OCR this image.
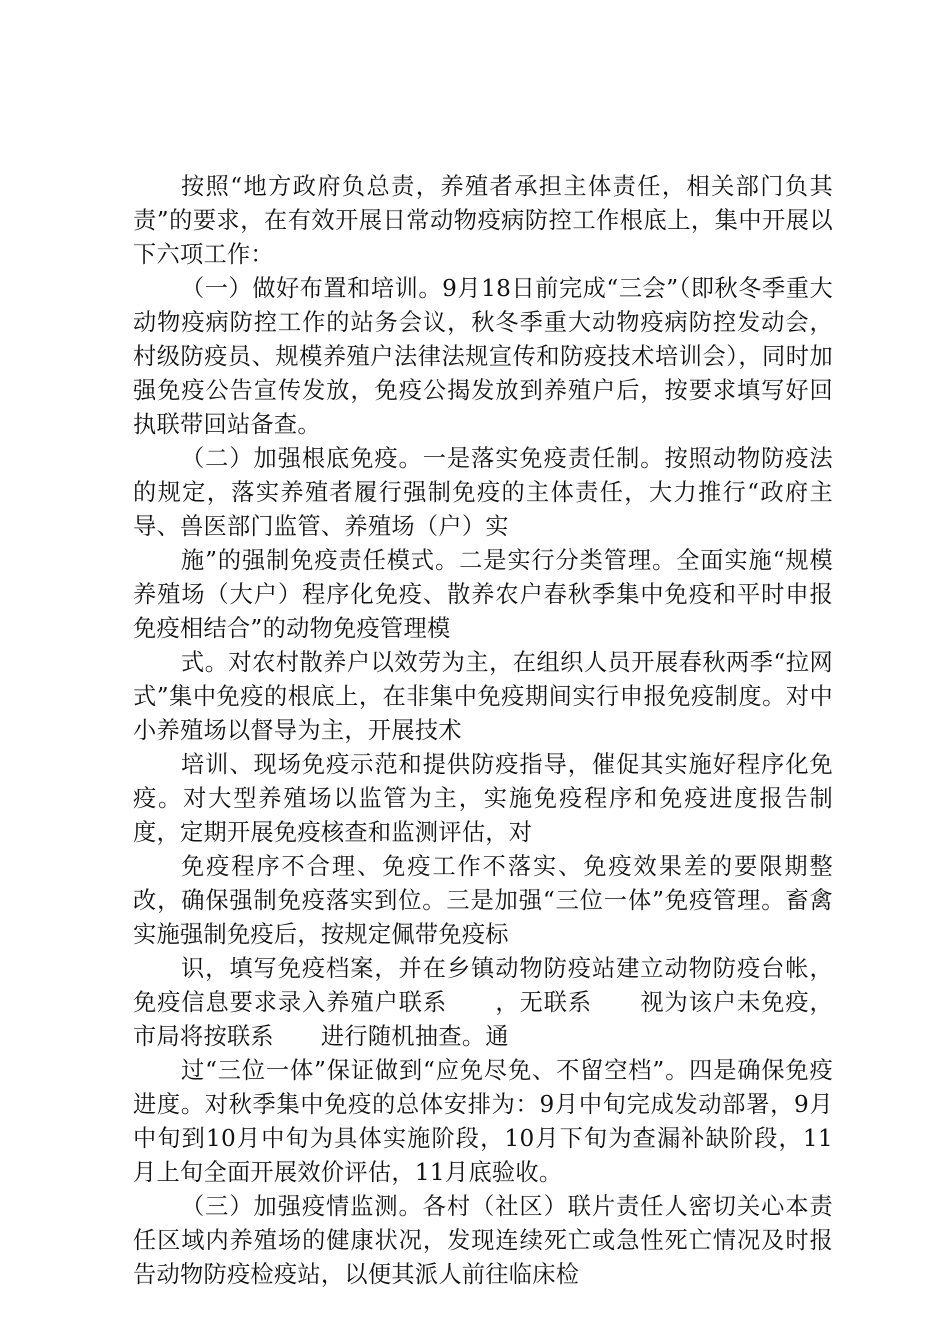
按照“地方政府负总责，养殖者承担主体责任，相关部门负其责”的要求，在有效开展日常动物疫病防控工作根底上，集中开展以下六项工作：

（一）做好布置和培训。9月18日前完成“三会”（即秋冬季重大动物疫病防控工作的站务会议，秋冬季重大动物疫病防控发动会，村级防疫员、规模养殖户法律法规宣传和防疫技术培训会），同时加强免疫公告宣传发放，免疫公揭发放到养殖户后，按要求填写好回执联带回站备查。

（二）加强根底免疫。一是落实免疫责任制。按照动物防疫法的规定，落实养殖者履行强制免疫的主体责任，大力推行“政府主导、兽医部门监管、养殖场（户）实

施”的强制免疫责任模式。二是实行分类管理。全面实施“规模养殖场（大户）程序化免疫、散养农户春秋季集中免疫和平时申报免疫相结合”的动物免疫管理模

式。对农村散养户以效劳为主，在组织人员开展春秋两季“拉网式”集中免疫的根底上，在非集中免疫期间实行申报免疫制度。对中小养殖场以督导为主，开展技术

培训、现场免疫示范和提供防疫指导，催促其实施好程序化免疫。对大型养殖场以监管为主，实施免疫程序和免疫进度报告制度，定期开展免疫核查和监测评估，对

免疫程序不合理、免疫工作不落实、免疫效果差的要限期整改，确保强制免疫落实到位。三是加强“三位一体”免疫管理。畜禽实施强制免疫后，按规定佩带免疫标

识，填写免疫档案，并在乡镇动物防疫站建立动物防疫台帐，免疫信息要求录入养殖户联系　　，无联系　　视为该户未免疫，市局将按联系　　进行随机抽查。通

过“三位一体”保证做到“应免尽免、不留空档”。四是确保免疫进度。对秋季集中免疫的总体安排为：9月中旬完成发动部署，9月中旬到10月中旬为具体实施阶段，10月下旬为查漏补缺阶段，11月上旬全面开展效价评估，11月底验收。

（三）加强疫情监测。各村（社区）联片责任人密切关心本责任区域内养殖场的健康状况，发现连续死亡或急性死亡情况及时报告动物防疫检疫站，以便其派人前往临床检
